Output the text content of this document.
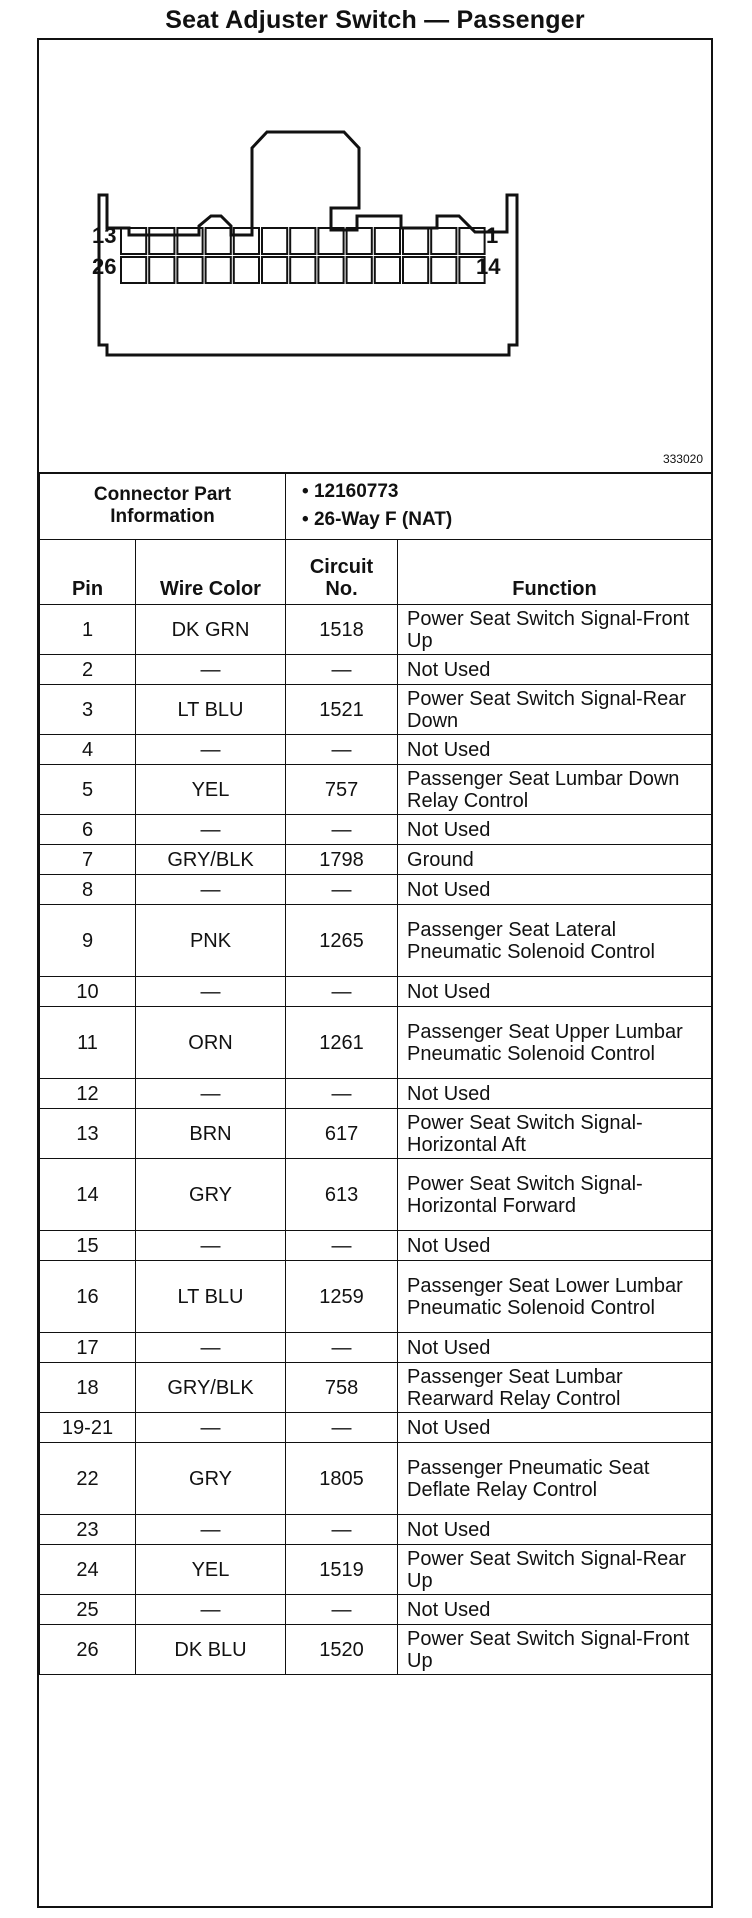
Seat Adjuster Switch — Passenger
13
26
1
14
333020
Connector Part Information		• 12160773
• 26-Way F (NAT)	

Pin	Wire Color	Circuit No.	Function
1	DK GRN	1518	Power Seat Switch Signal-Front Up
2	—	—	Not Used
3	LT BLU	1521	Power Seat Switch Signal-Rear Down
4	—	—	Not Used
5	YEL	757	Passenger Seat Lumbar Down Relay Control
6	—	—	Not Used
7	GRY/BLK	1798	Ground
8	—	—	Not Used
9	PNK	1265	Passenger Seat Lateral Pneumatic Solenoid Control
10	—	—	Not Used
11	ORN	1261	Passenger Seat Upper Lumbar Pneumatic Solenoid Control
12	—	—	Not Used
13	BRN	617	Power Seat Switch Signal-Horizontal Aft
14	GRY	613	Power Seat Switch Signal-Horizontal Forward
15	—	—	Not Used
16	LT BLU	1259	Passenger Seat Lower Lumbar Pneumatic Solenoid Control
17	—	—	Not Used
18	GRY/BLK	758	Passenger Seat Lumbar Rearward Relay Control
19-21	—	—	Not Used
22	GRY	1805	Passenger Pneumatic Seat Deflate Relay Control
23	—	—	Not Used
24	YEL	1519	Power Seat Switch Signal-Rear Up
25	—	—	Not Used
26	DK BLU	1520	Power Seat Switch Signal-Front Up
